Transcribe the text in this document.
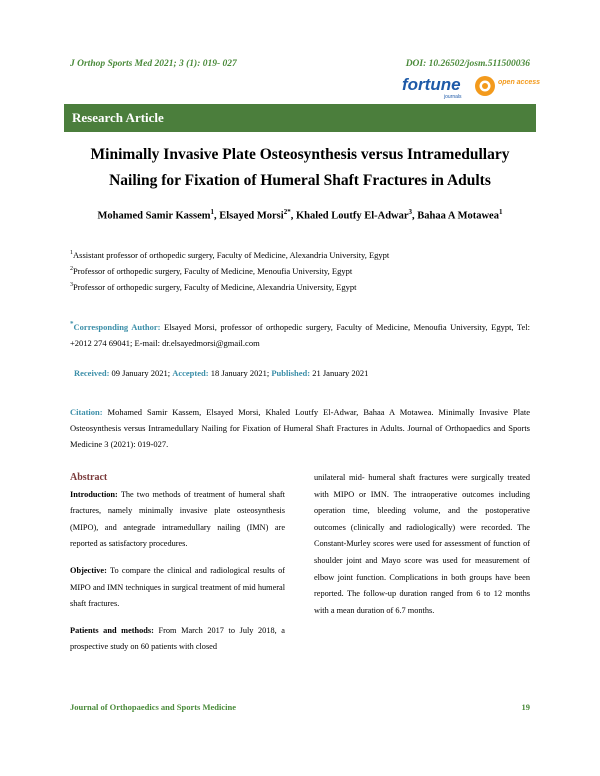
J Orthop Sports Med 2021; 3 (1): 019- 027	DOI: 10.26502/josm.511500036
fortune
journals
open access
Research Article
Minimally Invasive Plate Osteosynthesis versus Intramedullary
Nailing for Fixation of Humeral Shaft Fractures in Adults
Mohamed Samir Kassem$^1$, Elsayed Morsi$^{2*}$, Khaled Loutfy El-Adwar$^3$, Bahaa A Motawea$^1$
$^1$Assistant professor of orthopedic surgery, Faculty of Medicine, Alexandria University, Egypt
$^2$Professor of orthopedic surgery, Faculty of Medicine, Menoufia University, Egypt
$^3$Professor of orthopedic surgery, Faculty of Medicine, Alexandria University, Egypt
*Corresponding Author: Elsayed Morsi, professor of orthopedic surgery, Faculty of Medicine, Menoufia University, Egypt, Tel: +2012 274 69041; E-mail: dr.elsayedmorsi@gmail.com
Received: 09 January 2021; Accepted: 18 January 2021; Published: 21 January 2021
Citation: Mohamed Samir Kassem, Elsayed Morsi, Khaled Loutfy El-Adwar, Bahaa A Motawea. Minimally Invasive Plate Osteosynthesis versus Intramedullary Nailing for Fixation of Humeral Shaft Fractures in Adults. Journal of Orthopaedics and Sports Medicine 3 (2021): 019-027.
Abstract

Introduction: The two methods of treatment of humeral shaft fractures, namely minimally invasive plate osteosynthesis (MIPO), and antegrade intramedullary nailing (IMN) are reported as satisfactory procedures.

Objective: To compare the clinical and radiological results of MIPO and IMN techniques in surgical treatment of mid humeral shaft fractures.

Patients and methods: From March 2017 to July 2018, a prospective study on 60 patients with closed

unilateral mid- humeral shaft fractures were surgically treated with MIPO or IMN. The intraoperative outcomes including operation time, bleeding volume, and the postoperative outcomes (clinically and radiologically) were recorded. The Constant-Murley scores were used for assessment of function of shoulder joint and Mayo score was used for measurement of elbow joint function. Complications in both groups have been reported. The follow-up duration ranged from 6 to 12 months with a mean duration of 6.7 months.

Journal of Orthopaedics and Sports Medicine	19
